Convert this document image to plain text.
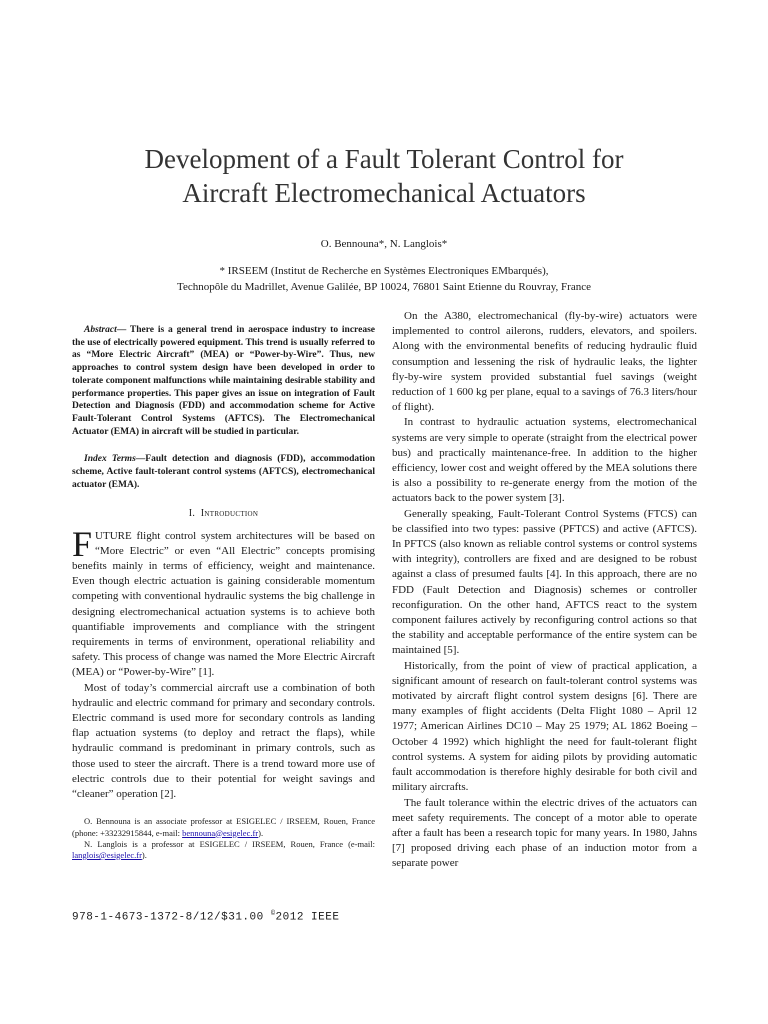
Development of a Fault Tolerant Control for
Aircraft Electromechanical Actuators

O. Bennouna*, N. Langlois*

* IRSEEM (Institut de Recherche en Systèmes Electroniques EMbarqués),
Technopôle du Madrillet, Avenue Galilée, BP 10024, 76801 Saint Etienne du Rouvray, France

Abstract— There is a general trend in aerospace industry to increase the use of electrically powered equipment. This trend is usually referred to as “More Electric Aircraft” (MEA) or “Power-by-Wire”. Thus, new approaches to control system design have been developed in order to tolerate component malfunctions while maintaining desirable stability and performance properties. This paper gives an issue on integration of Fault Detection and Diagnosis (FDD) and accommodation scheme for Active Fault-Tolerant Control Systems (AFTCS). The Electromechanical Actuator (EMA) in aircraft will be studied in particular.

Index Terms—Fault detection and diagnosis (FDD), accommodation scheme, Active fault-tolerant control systems (AFTCS), electromechanical actuator (EMA).

I. Introduction

FUTURE flight control system architectures will be based on “More Electric” or even “All Electric” concepts promising benefits mainly in terms of efficiency, weight and maintenance. Even though electric actuation is gaining considerable momentum competing with conventional hydraulic systems the big challenge in designing electromechanical actuation systems is to achieve both quantifiable improvements and compliance with the stringent requirements in terms of environment, operational reliability and safety. This process of change was named the More Electric Aircraft (MEA) or “Power-by-Wire” [1].

Most of today’s commercial aircraft use a combination of both hydraulic and electric command for primary and secondary controls. Electric command is used more for secondary controls as landing flap actuation systems (to deploy and retract the flaps), while hydraulic command is predominant in primary controls, such as those used to steer the aircraft. There is a trend toward more use of electric controls due to their potential for weight savings and “cleaner” operation [2].

O. Bennouna is an associate professor at ESIGELEC / IRSEEM, Rouen, France (phone: +33232915844, e-mail: bennouna@esigelec.fr).

N. Langlois is a professor at ESIGELEC / IRSEEM, Rouen, France (e-mail: langlois@esigelec.fr).

On the A380, electromechanical (fly-by-wire) actuators were implemented to control ailerons, rudders, elevators, and spoilers. Along with the environmental benefits of reducing hydraulic fluid consumption and lessening the risk of hydraulic leaks, the lighter fly-by-wire system provided substantial fuel savings (weight reduction of 1 600 kg per plane, equal to a savings of 76.3 liters/hour of flight).

In contrast to hydraulic actuation systems, electromechanical systems are very simple to operate (straight from the electrical power bus) and practically maintenance-free. In addition to the higher efficiency, lower cost and weight offered by the MEA solutions there is also a possibility to re-generate energy from the motion of the actuators back to the power system [3].

Generally speaking, Fault-Tolerant Control Systems (FTCS) can be classified into two types: passive (PFTCS) and active (AFTCS). In PFTCS (also known as reliable control systems or control systems with integrity), controllers are fixed and are designed to be robust against a class of presumed faults [4]. In this approach, there are no FDD (Fault Detection and Diagnosis) schemes or controller reconfiguration. On the other hand, AFTCS react to the system component failures actively by reconfiguring control actions so that the stability and acceptable performance of the entire system can be maintained [5].

Historically, from the point of view of practical application, a significant amount of research on fault-tolerant control systems was motivated by aircraft flight control system designs [6]. There are many examples of flight accidents (Delta Flight 1080 – April 12 1977; American Airlines DC10 – May 25 1979; AL 1862 Boeing – October 4 1992) which highlight the need for fault-tolerant flight control systems. A system for aiding pilots by providing automatic fault accommodation is therefore highly desirable for both civil and military aircrafts.

The fault tolerance within the electric drives of the actuators can meet safety requirements. The concept of a motor able to operate after a fault has been a research topic for many years. In 1980, Jahns [7] proposed driving each phase of an induction motor from a separate power

978-1-4673-1372-8/12/$31.00 ©2012 IEEE
